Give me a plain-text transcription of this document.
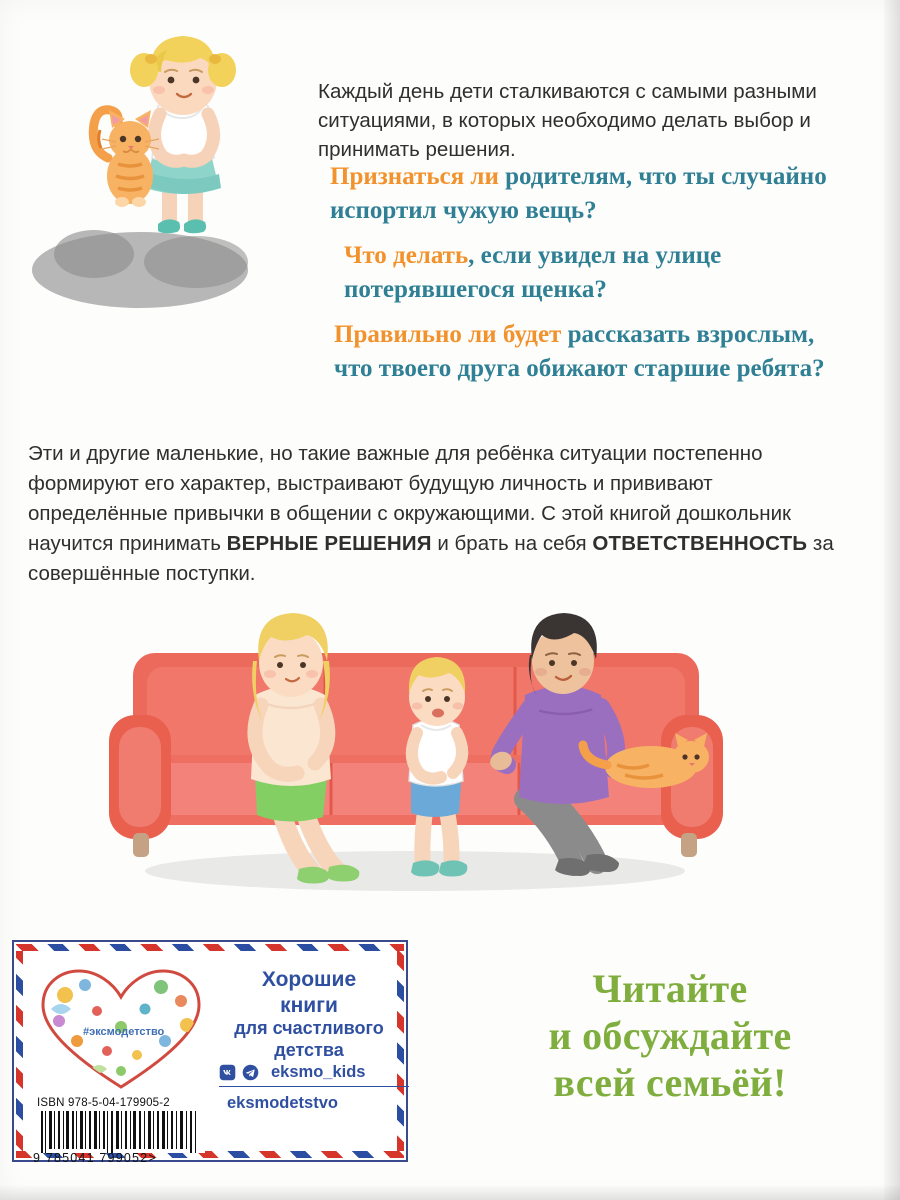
Каждый день дети сталкиваются с самыми разными ситуациями, в которых необходимо делать выбор и принимать решения.

Признаться ли родителям, что ты случайно испортил чужую вещь?
Что делать, если увидел на улице потерявшегося щенка?
Правильно ли будет рассказать взрослым, что твоего друга обижают старшие ребята?

Эти и другие маленькие, но такие важные для ребёнка ситуации постепенно формируют его характер, выстраивают будущую личность и прививают определённые привычки в общении с окружающими. С этой книгой дошкольник научится принимать ВЕРНЫЕ РЕШЕНИЯ и брать на себя ОТВЕТСТВЕННОСТЬ за совершённые поступки.

#эксмодетство
Хорошие
книги
для счастливого
детства
eksmo_kids
eksmodetstvo
ISBN 978-5-04-179905-2
9 785041 799052>
Читайте
и обсуждайте
всей семьёй!
